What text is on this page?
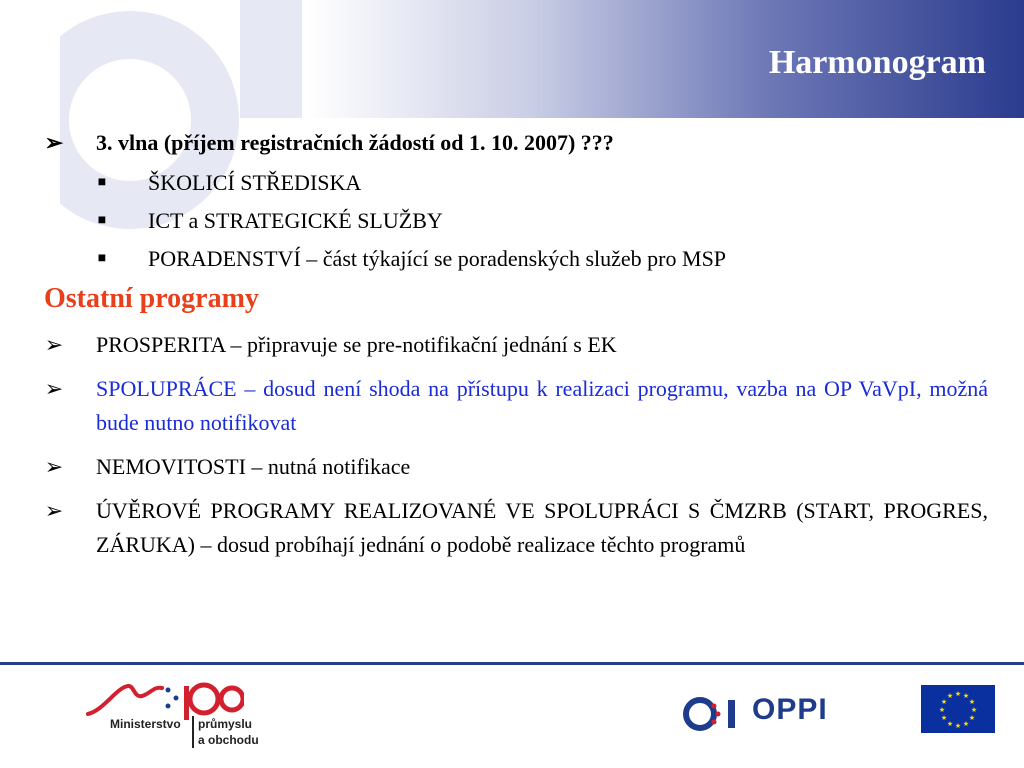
Harmonogram
➢ 3. vlna (příjem registračních žádostí od 1. 10. 2007) ???
■ ŠKOLICÍ STŘEDISKA
■ ICT a STRATEGICKÉ SLUŽBY
■ PORADENSTVÍ – část týkající se poradenských služeb pro MSP
Ostatní programy
➢ PROSPERITA – připravuje se pre-notifikační jednání s EK
➢ SPOLUPRÁCE – dosud není shoda na přístupu k realizaci programu, vazba na OP VaVpI, možná bude nutno notifikovat
➢ NEMOVITOSTI – nutná notifikace
➢ ÚVĚROVÉ PROGRAMY REALIZOVANÉ VE SPOLUPRÁCI S ČMZRB (START, PROGRES, ZÁRUKA) – dosud probíhají jednání o podobě realizace těchto programů
Ministerstvo průmyslu
a obchodu
OPPI	★ ★
★
★
★
★
★
★
★
★
★
★
